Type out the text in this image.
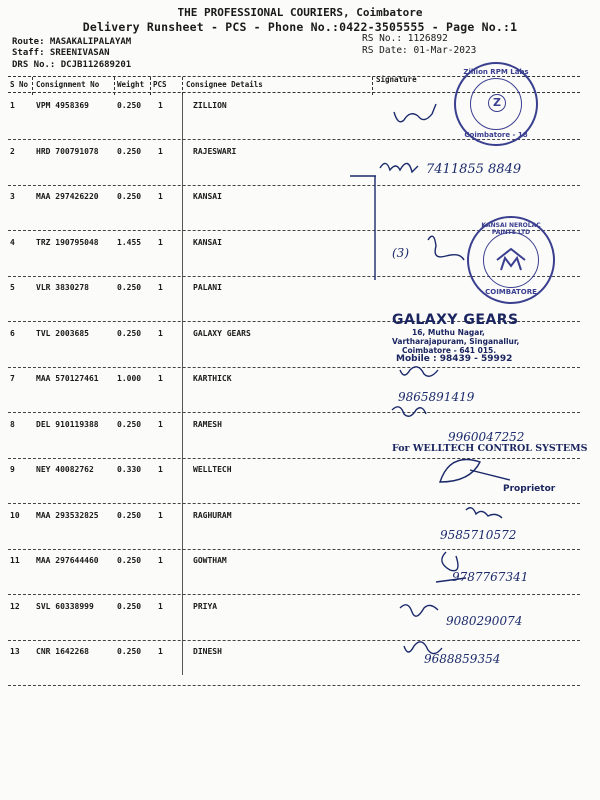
THE PROFESSIONAL COURIERS, Coimbatore
Delivery Runsheet - PCS - Phone No.:0422-3505555 - Page No.:1
Route: MASAKALIPALAYAM
Staff: SREENIVASAN
DRS No.: DCJB112689201
RS No.: 1126892
RS Date: 01-Mar-2023
S No Consignment No Weight PCS	Consignee Details
Signature
1	VPM 4958369	0.250 1	ZILLION
2	HRD 700791078 0.250 1	RAJESWARI
3	MAA 297426220 0.250 1	KANSAI
4	TRZ 190795048 1.455 1	KANSAI
5	VLR 3830278	0.250 1	PALANI
6	TVL 2003685	0.250 1	GALAXY GEARS
7	MAA 570127461 1.000 1	KARTHICK
8	DEL 910119388 0.250 1	RAMESH
9	NEY 40082762	0.330 1	WELLTECH
10 MAA 293532825 0.250 1	RAGHURAM
11 MAA 297644460 0.250 1	GOWTHAM
12 SVL 60338999	0.250 1	PRIYA
13 CNR 1642268	0.250 1	DINESH
Zillion RPM Labs
Z
Coimbatore - 18
KANSAI NEROLAC PAINTS LTD
COIMBATORE
GALAXY GEARS
16, Muthu Nagar,
Vartharajapuram, Singanallur,
Coimbatore - 641 015.
Mobile : 98439 - 59992
For WELLTECH CONTROL SYSTEMS
Proprietor
7411855 8849
(3)
9865891419
9960047252
9585710572
9787767341
9080290074
9688859354
